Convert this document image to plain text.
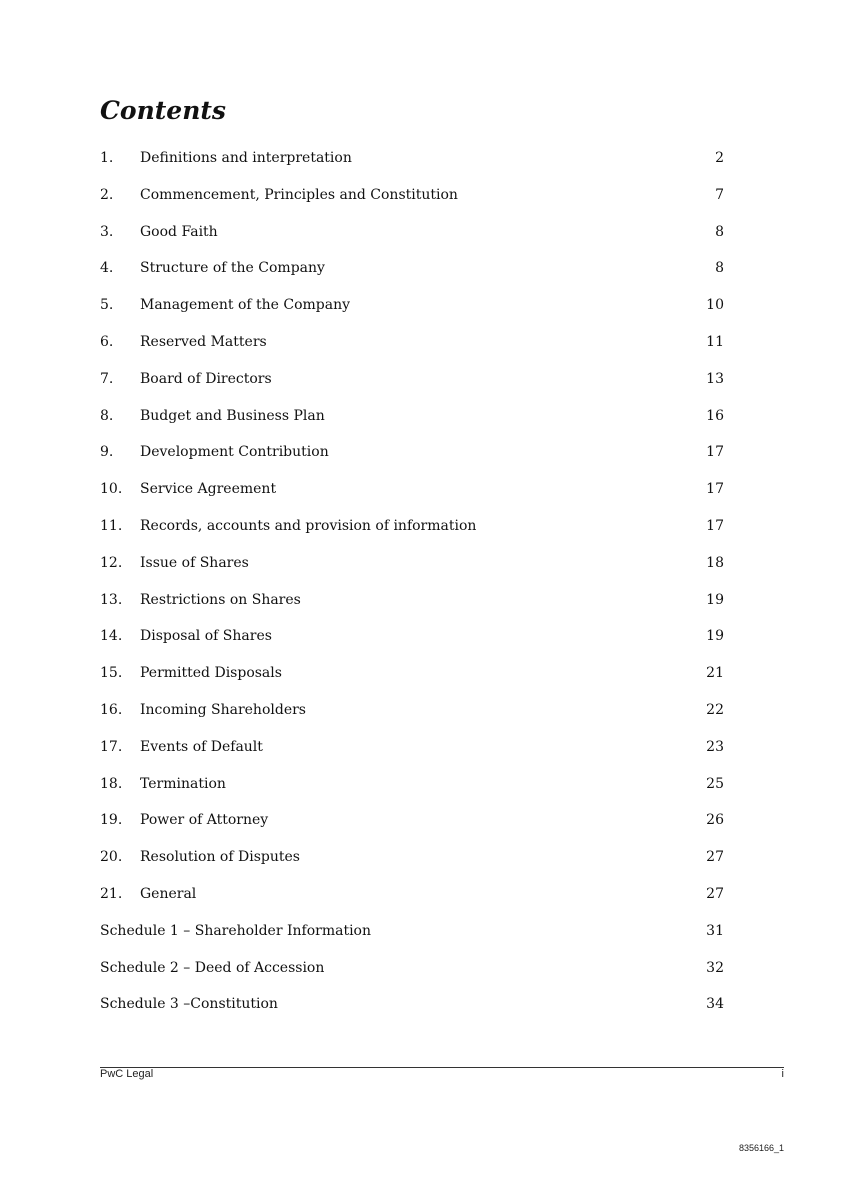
Contents
1. Definitions and interpretation	2
2. Commencement, Principles and Constitution	7
3. Good Faith	8
4. Structure of the Company	8
5. Management of the Company	10
6. Reserved Matters	11
7. Board of Directors	13
8. Budget and Business Plan	16
9. Development Contribution	17
10. Service Agreement	17
11. Records, accounts and provision of information	17
12. Issue of Shares	18
13. Restrictions on Shares	19
14. Disposal of Shares	19
15. Permitted Disposals	21
16. Incoming Shareholders	22
17. Events of Default	23
18. Termination	25
19. Power of Attorney	26
20. Resolution of Disputes	27
21. General	27
Schedule 1 – Shareholder Information	31
Schedule 2 – Deed of Accession	32
Schedule 3 –Constitution	34
PwC Legal	i
8356166_1
